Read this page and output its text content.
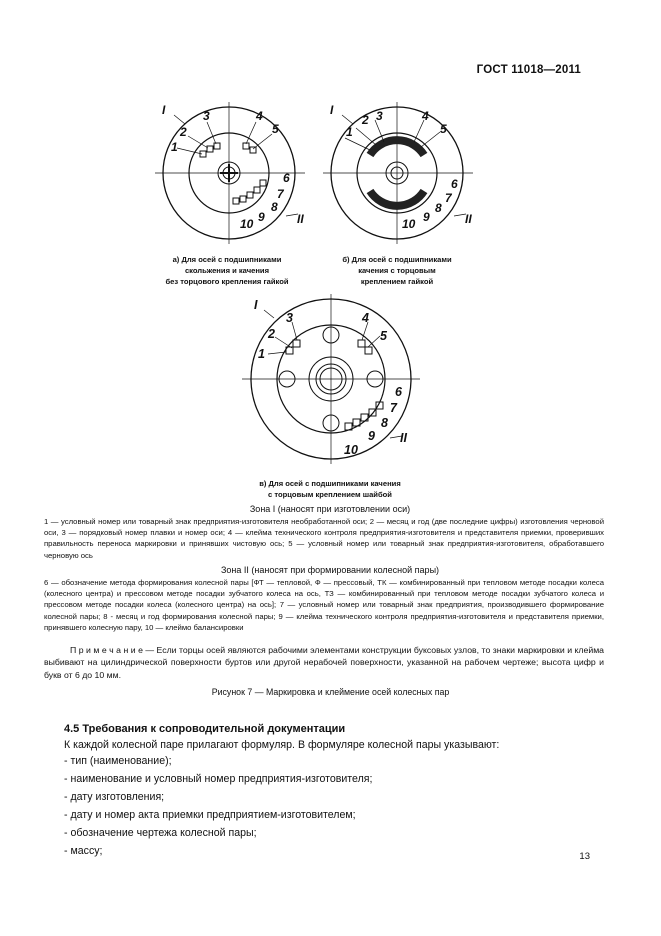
ГОСТ 11018—2011
I
2
1
3	4
5
6
7
8
9
10	II
а) Для осей с подшипниками
скольжения и качения
без торцового крепления гайкой
I
2
1
3	4
5
6
7
8
9
10	II
б) Для осей с подшипниками
качения с торцовым
креплением гайкой
I
3
2
1
4
5
6
7
8
9
10
II
в) Для осей с подшипниками качения
с торцовым креплением шайбой
Зона I (наносят при изготовлении оси)
1 — условный номер или товарный знак предприятия-изготовителя необработанной оси; 2 — месяц и год (две последние цифры) изготовления черновой оси, 3 — порядковый номер плавки и номер оси; 4 — клейма технического контроля предприятия-изготовителя и представителя приемки, проверивших правильность переноса маркировки и принявших чистовую ось; 5 — условный номер или товарный знак предприятия-изготовителя, обработавшего черновую ось
Зона II (наносят при формировании колесной пары)
6 — обозначение метода формирования колесной пары [ФТ — тепловой, Ф — прессовый, ТК — комбинированный при тепловом методе посадки колеса (колесного центра) и прессовом методе посадки зубчатого колеса на ось, ТЗ — комбинированный при тепловом методе посадки зубчатого колеса и прессовом методе посадки колеса (колесного центра) на ось]; 7 — условный номер или товарный знак предприятия, производившего формирование колесной пары; 8 - месяц и год формирования колесной пары; 9 — клейма технического контроля предприятия-изготовителя и представителя приемки, принявшего колесную пару, 10 — клеймо балансировки
П р и м е ч а н и е — Если торцы осей являются рабочими элементами конструкции буксовых узлов, то знаки маркировки и клейма выбивают на цилиндрической поверхности буртов или другой нерабочей поверхности, указанной на рабочем чертеже; высота цифр и букв от 6 до 10 мм.
Рисунок 7 — Маркировка и клеймение осей колесных пар
4.5 Требования к сопроводительной документации
К каждой колесной паре прилагают формуляр. В формуляре колесной пары указывают:
- тип (наименование);
- наименование и условный номер предприятия-изготовителя;
- дату изготовления;
- дату и номер акта приемки предприятием-изготовителем;
- обозначение чертежа колесной пары;
- массу;	13
